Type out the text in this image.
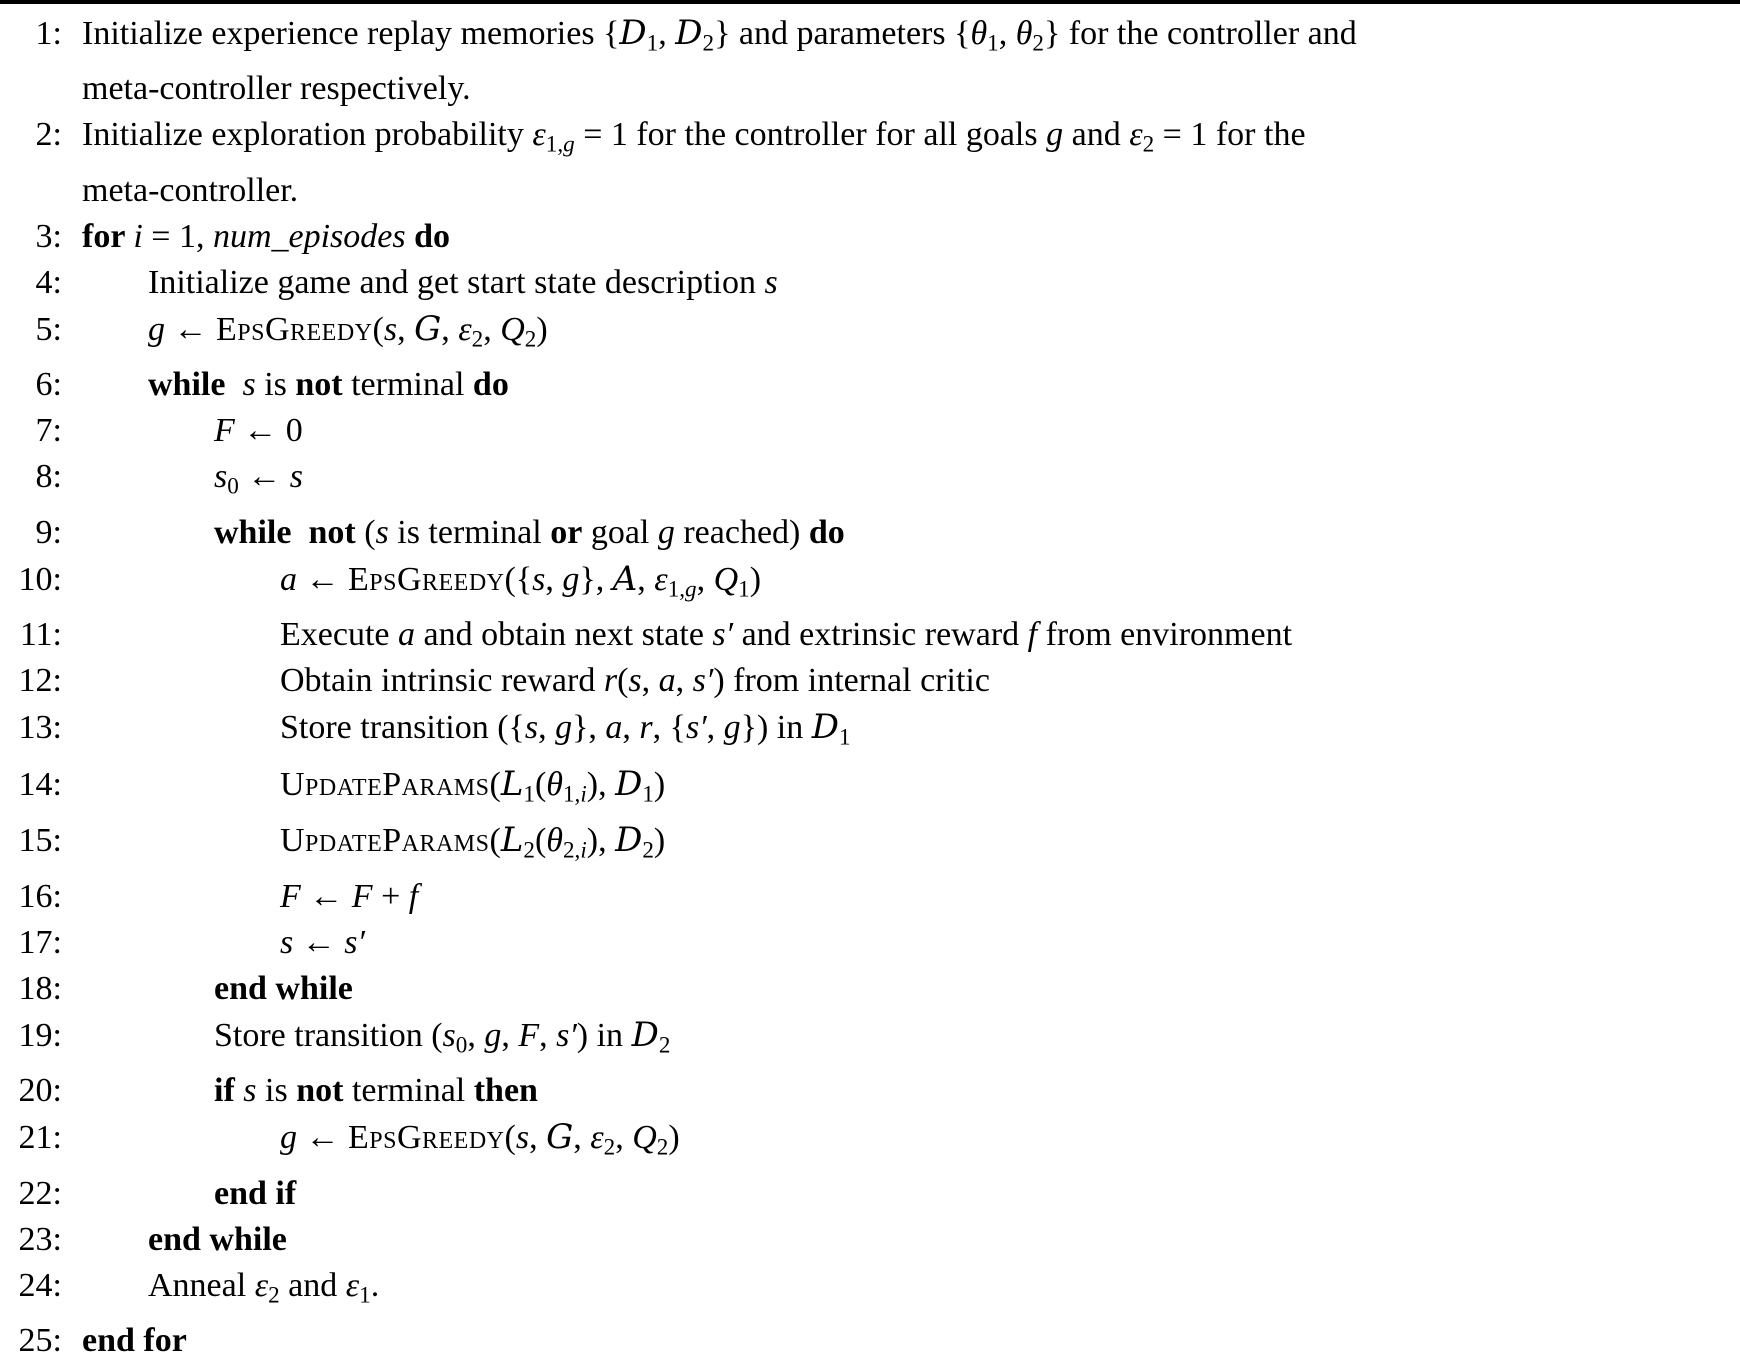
1: Initialize experience replay memories {$D_1$, $D_2$} and parameters {$\theta_1$, $\theta_2$} for the controller and
meta-controller respectively.
2: Initialize exploration probability $\varepsilon_{1,}g = 1$ for the controller for all goals g and $\varepsilon_2 = 1$ for the
meta-controller.
3: for i = 1, num_episodes do
4:	Initialize game and get start state description s
5:	g ← EpsGreedy(s, G, $\varepsilon_2$, $Q_2$)
6:	while  s is not terminal do
7:	F ← 0
8:	$s_0$ ← s
9:	while  not (s is terminal or goal g reached) do
10:	a ← EpsGreedy({s, g}, A, $\varepsilon_{1,}g$, $Q_1$)
11:	Execute a and obtain next state s′ and extrinsic reward f from environment
12:	Obtain intrinsic reward r(s, a, s′) from internal critic
13:	Store transition ({s, g}, a, r, {s′, g}) in $D_1$
14:	$UpdateParams(L_1(\theta_{1,}i)$, $D_1$)
15:	$UpdateParams(L_2(\theta_{2,}i)$, $D_2$)
16:	F ← F + f
17:	s ← s′
18:	end while
19:	Store transition ($s_0$, g, F, s′) in $D_2$
20:	if s is not terminal then
21:	g ← EpsGreedy(s, G, $\varepsilon_2$, $Q_2$)
22:	end if
23:	end while
24:	Anneal $\varepsilon_2$ and $\varepsilon_1$.
25: end for
